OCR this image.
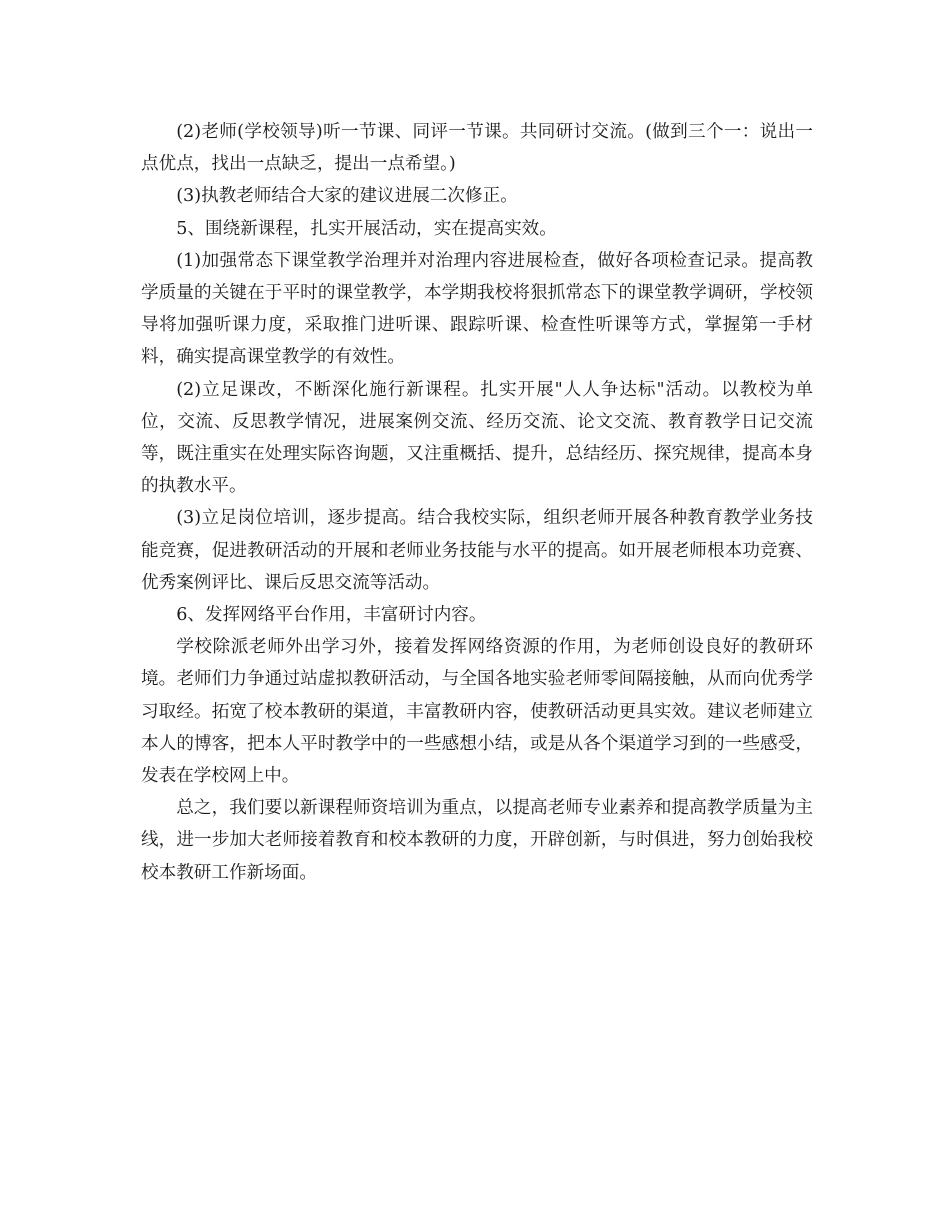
(2)老师(学校领导)听一节课、同评一节课。共同研讨交流。(做到三个一：说出一点优点，找出一点缺乏，提出一点希望。)

(3)执教老师结合大家的建议进展二次修正。

5、围绕新课程，扎实开展活动，实在提高实效。

(1)加强常态下课堂教学治理并对治理内容进展检查，做好各项检查记录。提高教学质量的关键在于平时的课堂教学，本学期我校将狠抓常态下的课堂教学调研，学校领导将加强听课力度，采取推门进听课、跟踪听课、检查性听课等方式，掌握第一手材料，确实提高课堂教学的有效性。

(2)立足课改，不断深化施行新课程。扎实开展"人人争达标"活动。以教校为单位，交流、反思教学情况，进展案例交流、经历交流、论文交流、教育教学日记交流等，既注重实在处理实际咨询题，又注重概括、提升，总结经历、探究规律，提高本身的执教水平。

(3)立足岗位培训，逐步提高。结合我校实际，组织老师开展各种教育教学业务技能竞赛，促进教研活动的开展和老师业务技能与水平的提高。如开展老师根本功竞赛、优秀案例评比、课后反思交流等活动。

6、发挥网络平台作用，丰富研讨内容。

学校除派老师外出学习外，接着发挥网络资源的作用，为老师创设良好的教研环境。老师们力争通过站虚拟教研活动，与全国各地实验老师零间隔接触，从而向优秀学习取经。拓宽了校本教研的渠道，丰富教研内容，使教研活动更具实效。建议老师建立本人的博客，把本人平时教学中的一些感想小结，或是从各个渠道学习到的一些感受，发表在学校网上中。

总之，我们要以新课程师资培训为重点，以提高老师专业素养和提高教学质量为主线，进一步加大老师接着教育和校本教研的力度，开辟创新，与时俱进，努力创始我校校本教研工作新场面。
